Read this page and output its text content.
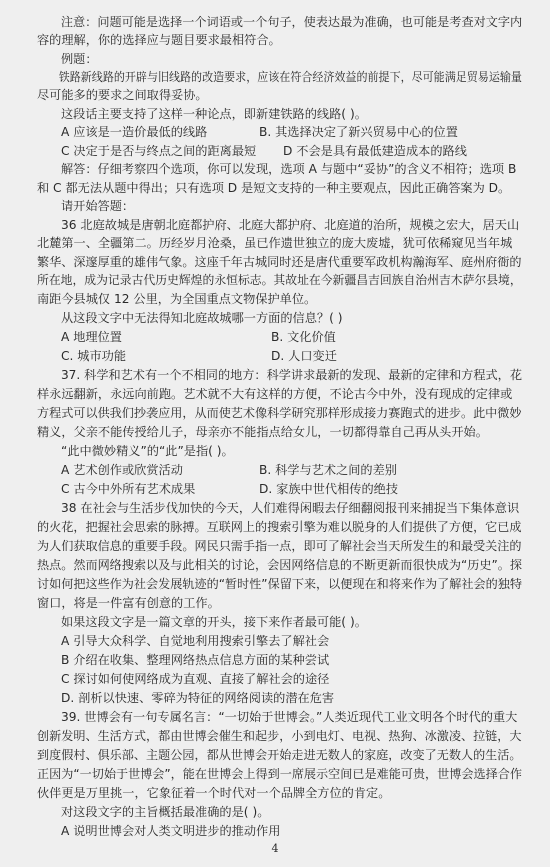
注意：问题可能是选择一个词语或一个句子，使表达最为准确，也可能是考查对文字内
容的理解，你的选择应与题目要求最相符合。
例题：
铁路新线路的开辟与旧线路的改造要求，应该在符合经济效益的前提下，尽可能满足贸易运输量
尽可能多的要求之间取得妥协。
这段话主要支持了这样一种论点，即新建铁路的线路( )。
A 应该是一造价最低的线路	B. 其选择决定了新兴贸易中心的位置
C 决定于是否与终点之间的距离最短	D 不会是具有最低建造成本的路线
解答：仔细考察四个选项，你可以发现，选项 A 与题中“妥协”的含义不相符；选项 B
和 C 都无法从题中得出；只有选项 D 是短文支持的一种主要观点，因此正确答案为 D。
请开始答题：
36 北庭故城是唐朝北庭都护府、北庭大都护府、北庭道的治所，规模之宏大，居天山
北麓第一、全疆第二。历经岁月沧桑，虽已作遗世独立的庞大废墟，犹可依稀窥见当年城
繁华、深邃厚重的雄伟气象。这座千年古城同时还是唐代重要军政机构瀚海军、庭州府衙的
所在地，成为记录古代历史辉煌的永恒标志。其故址在今新疆昌吉回族自治州吉木萨尔县境，
南距今县城仅 12 公里，为全国重点文物保护单位。
从这段文字中无法得知北庭故城哪一方面的信息？( )
A 地理位置	B. 文化价值
C. 城市功能	D. 人口变迁
37. 科学和艺术有一个不相同的地方：科学讲求最新的发现、最新的定律和方程式，花
样永远翻新，永远向前跑。艺术就不大有这样的方便，不论古今中外，没有现成的定律或
方程式可以供我们抄袭应用，从而使艺术像科学研究那样形成接力赛跑式的进步。此中微妙
精义，父亲不能传授给儿子，母亲亦不能指点给女儿，一切都得靠自己再从头开始。
“此中微妙精义”的“此”是指( )。
A 艺术创作或欣赏活动	B. 科学与艺术之间的差别
C 古今中外所有艺术成果	D. 家族中世代相传的绝技
38 在社会与生活步伐加快的今天，人们难得闲暇去仔细翻阅报刊来捕捉当下集体意识
的火花，把握社会思索的脉搏。互联网上的搜索引擎为难以脱身的人们提供了方便，它已成
为人们获取信息的重要手段。网民只需手指一点，即可了解社会当天所发生的和最受关注的
热点。然而网络搜索以及与此相关的讨论，会因网络信息的不断更新而很快成为“历史”。探
讨如何把这些作为社会发展轨迹的“暂时性”保留下来，以便现在和将来作为了解社会的独特
窗口，将是一件富有创意的工作。
如果这段文字是一篇文章的开头，接下来作者最可能( )。
A 引导大众科学、自觉地利用搜索引擎去了解社会
B 介绍在收集、整理网络热点信息方面的某种尝试
C 探讨如何使网络成为直观、直接了解社会的途径
D. 剖析以快速、零碎为特征的网络阅读的潜在危害
39. 世博会有一句专属名言：“一切始于世博会。”人类近现代工业文明各个时代的重大
创新发明、生活方式，都由世博会催生和起步，小到电灯、电视、热狗、冰激凌、拉链，大
到度假村、俱乐部、主题公园，都从世博会开始走进无数人的家庭，改变了无数人的生活。
正因为“一切始于世博会”，能在世博会上得到一席展示空间已是难能可贵，世博会选择合作
伙伴更是万里挑一，它象征着一个时代对一个品牌全方位的肯定。
对这段文字的主旨概括最准确的是( )。
A 说明世博会对人类文明进步的推动作用
4
